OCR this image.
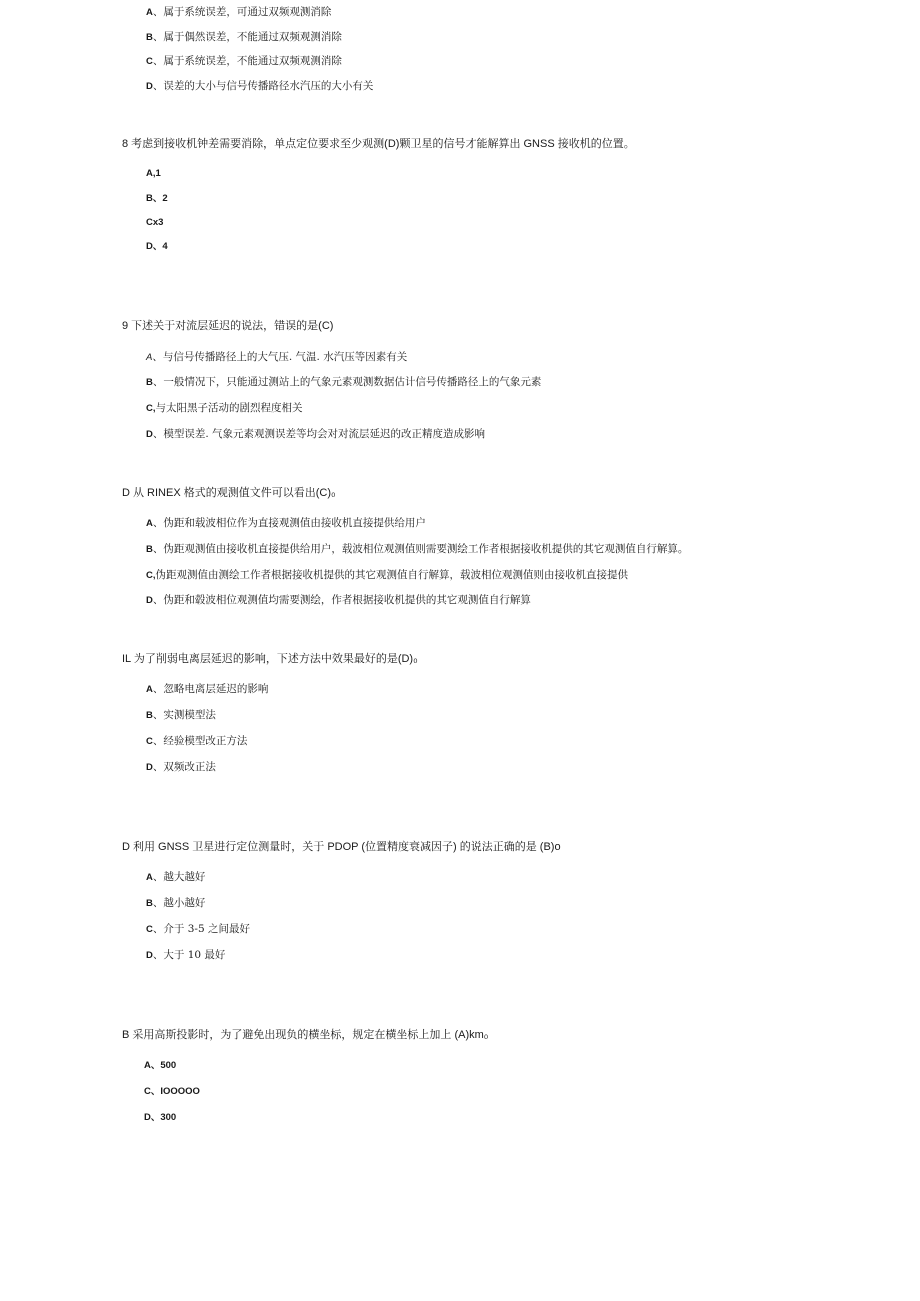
A、属于系统误差，可通过双频观测消除
B、属于偶然误差，不能通过双频观测消除
C、属于系统误差，不能通过双频观测消除
D、误差的大小与信号传播路径水汽压的大小有关
8 考虑到接收机钟差需要消除，单点定位要求至少观测(D)颗卫星的信号才能解算出 GNSS 接收机的位置。
A,1
B、2
Cx3
D、4
9 下述关于对流层延迟的说法，错误的是(C)
A、与信号传播路径上的大气压. 气温. 水汽压等因素有关
B、一般情况下，只能通过测站上的气象元素观测数据估计信号传播路径上的气象元素
C,与太阳黑子活动的剧烈程度相关
D、模型误差. 气象元素观测误差等均会对对流层延迟的改正精度造成影响
D 从 RINEX 格式的观测值文件可以看出(C)₀
A、伪距和载波相位作为直接观测值由接收机直接提供给用户
B、伪距观测值由接收机直接提供给用户，载波相位观测值则需要测绘工作者根据接收机提供的其它观测值自行解算。
C,伪距观测值由测绘工作者根据接收机提供的其它观测值自行解算，载波相位观测值则由接收机直接提供
D、伪距和毂波相位观测值均需要测绘，作者根据接收机提供的其它观测值自行解算
IL 为了削弱电离层延迟的影响，下述方法中效果最好的是(D)₀
A、忽略电离层延迟的影响
B、实测模型法
C、经验模型改正方法
D、双频改正法
D 利用 GNSS 卫星进行定位测量时，关于 PDOP (位置精度衰减因子) 的说法正确的是 (B)o
A、越大越好
B、越小越好
C、介于 3-5 之间最好
D、大于 10 最好
B 采用高斯投影时，为了避免出现负的横坐标，规定在横坐标上加上 (A)km₀
A、500
C、IOOOOO
D、300
